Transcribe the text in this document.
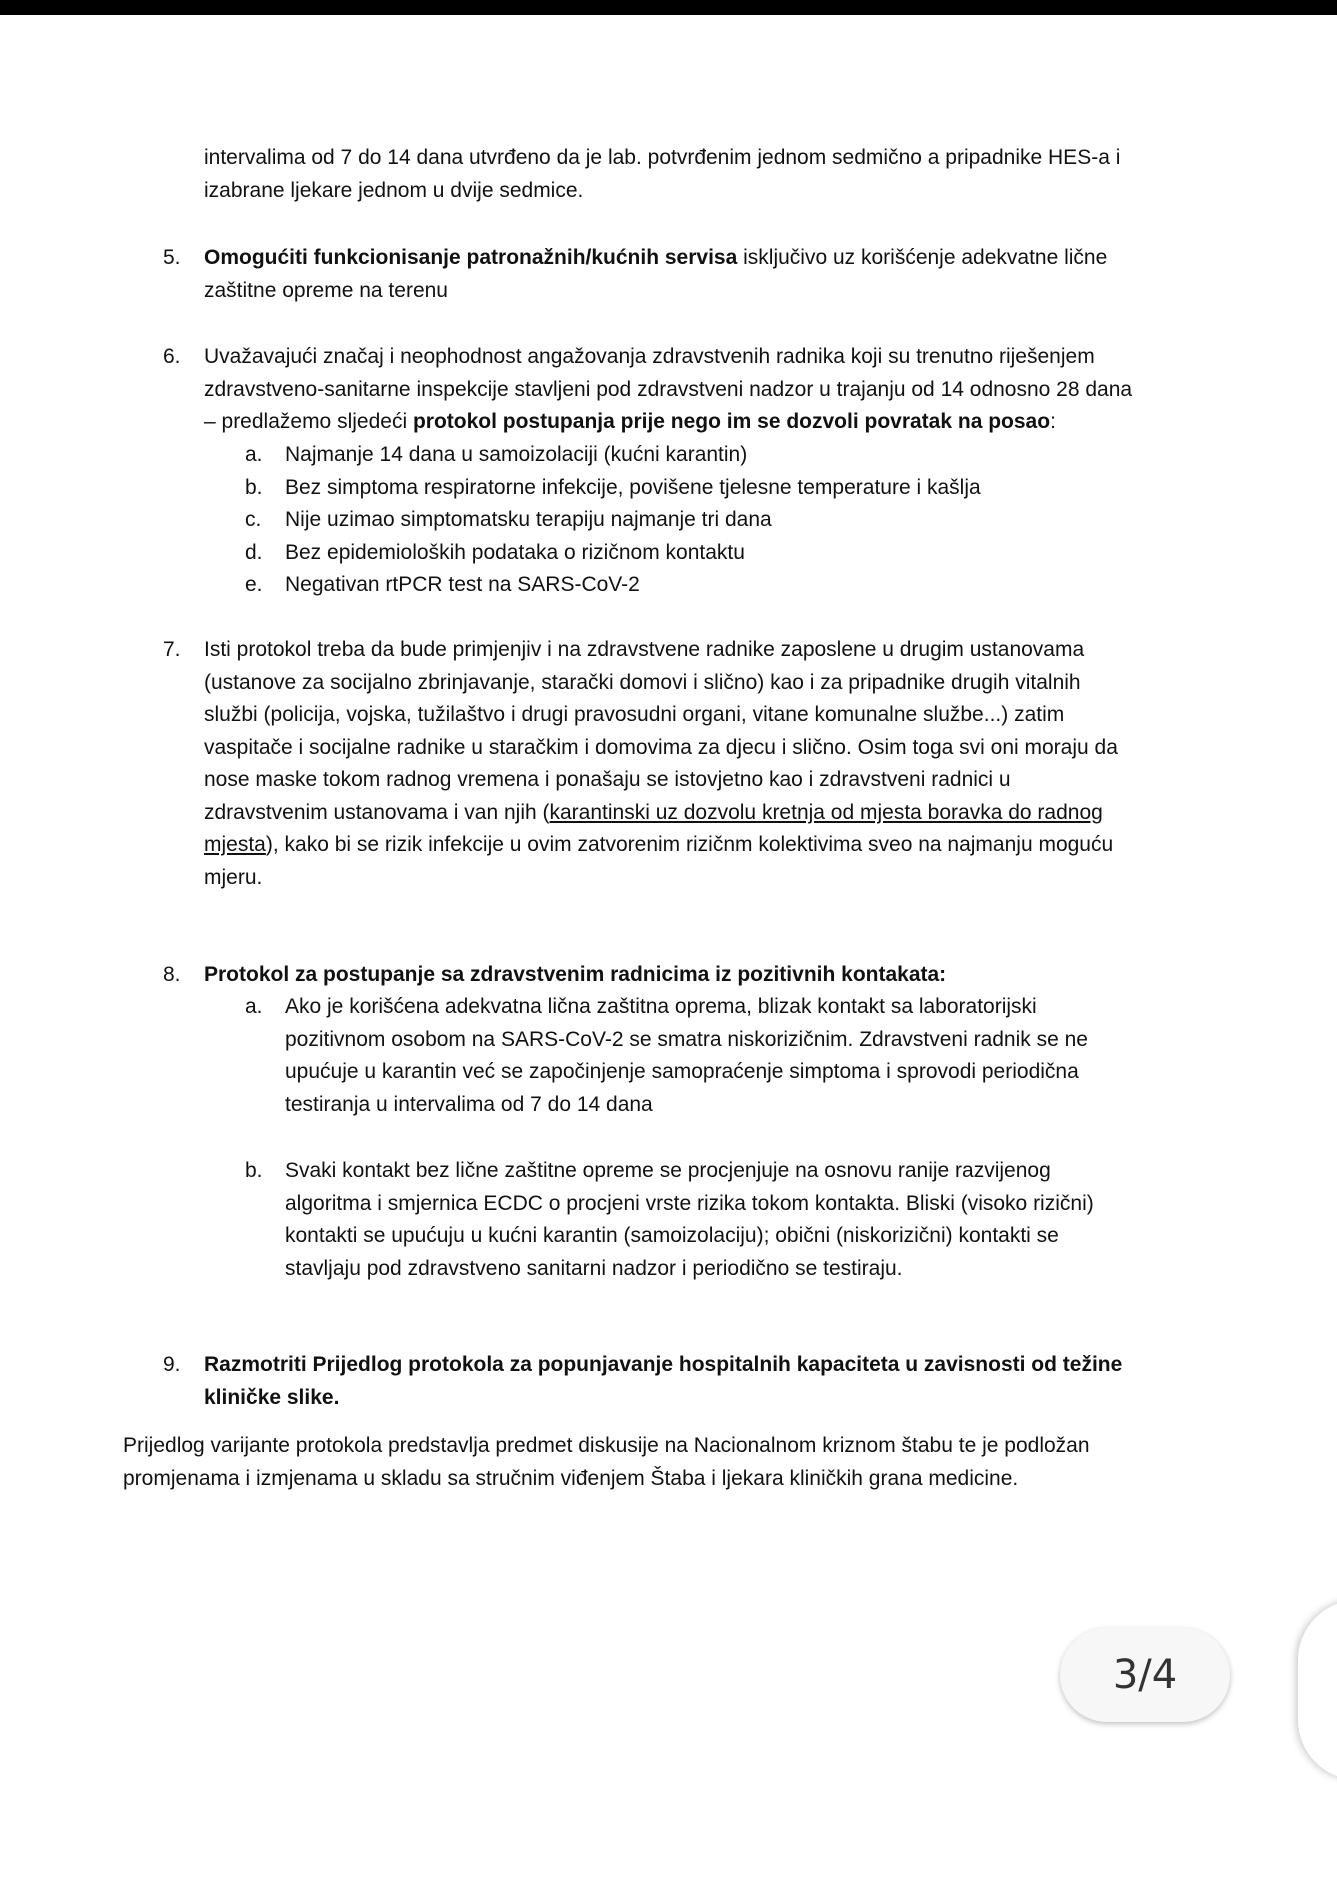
intervalima od 7 do 14 dana utvrđeno da je lab. potvrđenim jednom sedmično a pripadnike HES-a i
izabrane ljekare jednom u dvije sedmice.
5.	Omogućiti funkcionisanje patronažnih/kućnih servisa isključivo uz korišćenje adekvatne lične
zaštitne opreme na terenu
6.	Uvažavajući značaj i neophodnost angažovanja zdravstvenih radnika koji su trenutno riješenjem
zdravstveno-sanitarne inspekcije stavljeni pod zdravstveni nadzor u trajanju od 14 odnosno 28 dana
– predlažemo sljedeći protokol postupanja prije nego im se dozvoli povratak na posao:
a.	Najmanje 14 dana u samoizolaciji (kućni karantin)
b.	Bez simptoma respiratorne infekcije, povišene tjelesne temperature i kašlja
c.	Nije uzimao simptomatsku terapiju najmanje tri dana
d.	Bez epidemioloških podataka o rizičnom kontaktu
e.	Negativan rtPCR test na SARS-CoV-2
7.	Isti protokol treba da bude primjenjiv i na zdravstvene radnike zaposlene u drugim ustanovama
(ustanove za socijalno zbrinjavanje, starački domovi i slično) kao i za pripadnike drugih vitalnih
službi (policija, vojska, tužilaštvo i drugi pravosudni organi, vitane komunalne službe...) zatim
vaspitače i socijalne radnike u staračkim i domovima za djecu i slično. Osim toga svi oni moraju da
nose maske tokom radnog vremena i ponašaju se istovjetno kao i zdravstveni radnici u
zdravstvenim ustanovama i van njih (karantinski uz dozvolu kretnja od mjesta boravka do radnog
mjesta), kako bi se rizik infekcije u ovim zatvorenim rizičnm kolektivima sveo na najmanju moguću
mjeru.
8.	Protokol za postupanje sa zdravstvenim radnicima iz pozitivnih kontakata:
a.	Ako je korišćena adekvatna lična zaštitna oprema, blizak kontakt sa laboratorijski
pozitivnom osobom na SARS-CoV-2 se smatra niskorizičnim. Zdravstveni radnik se ne
upućuje u karantin već se započinjenje samopraćenje simptoma i sprovodi periodična
testiranja u intervalima od 7 do 14 dana
b.	Svaki kontakt bez lične zaštitne opreme se procjenjuje na osnovu ranije razvijenog
algoritma i smjernica ECDC o procjeni vrste rizika tokom kontakta. Bliski (visoko rizični)
kontakti se upućuju u kućni karantin (samoizolaciju); obični (niskorizični) kontakti se
stavljaju pod zdravstveno sanitarni nadzor i periodično se testiraju.
9.	Razmotriti Prijedlog protokola za popunjavanje hospitalnih kapaciteta u zavisnosti od težine
kliničke slike.
Prijedlog varijante protokola predstavlja predmet diskusije na Nacionalnom kriznom štabu te je podložan
promjenama i izmjenama u skladu sa stručnim viđenjem Štaba i ljekara kliničkih grana medicine.
3/4
